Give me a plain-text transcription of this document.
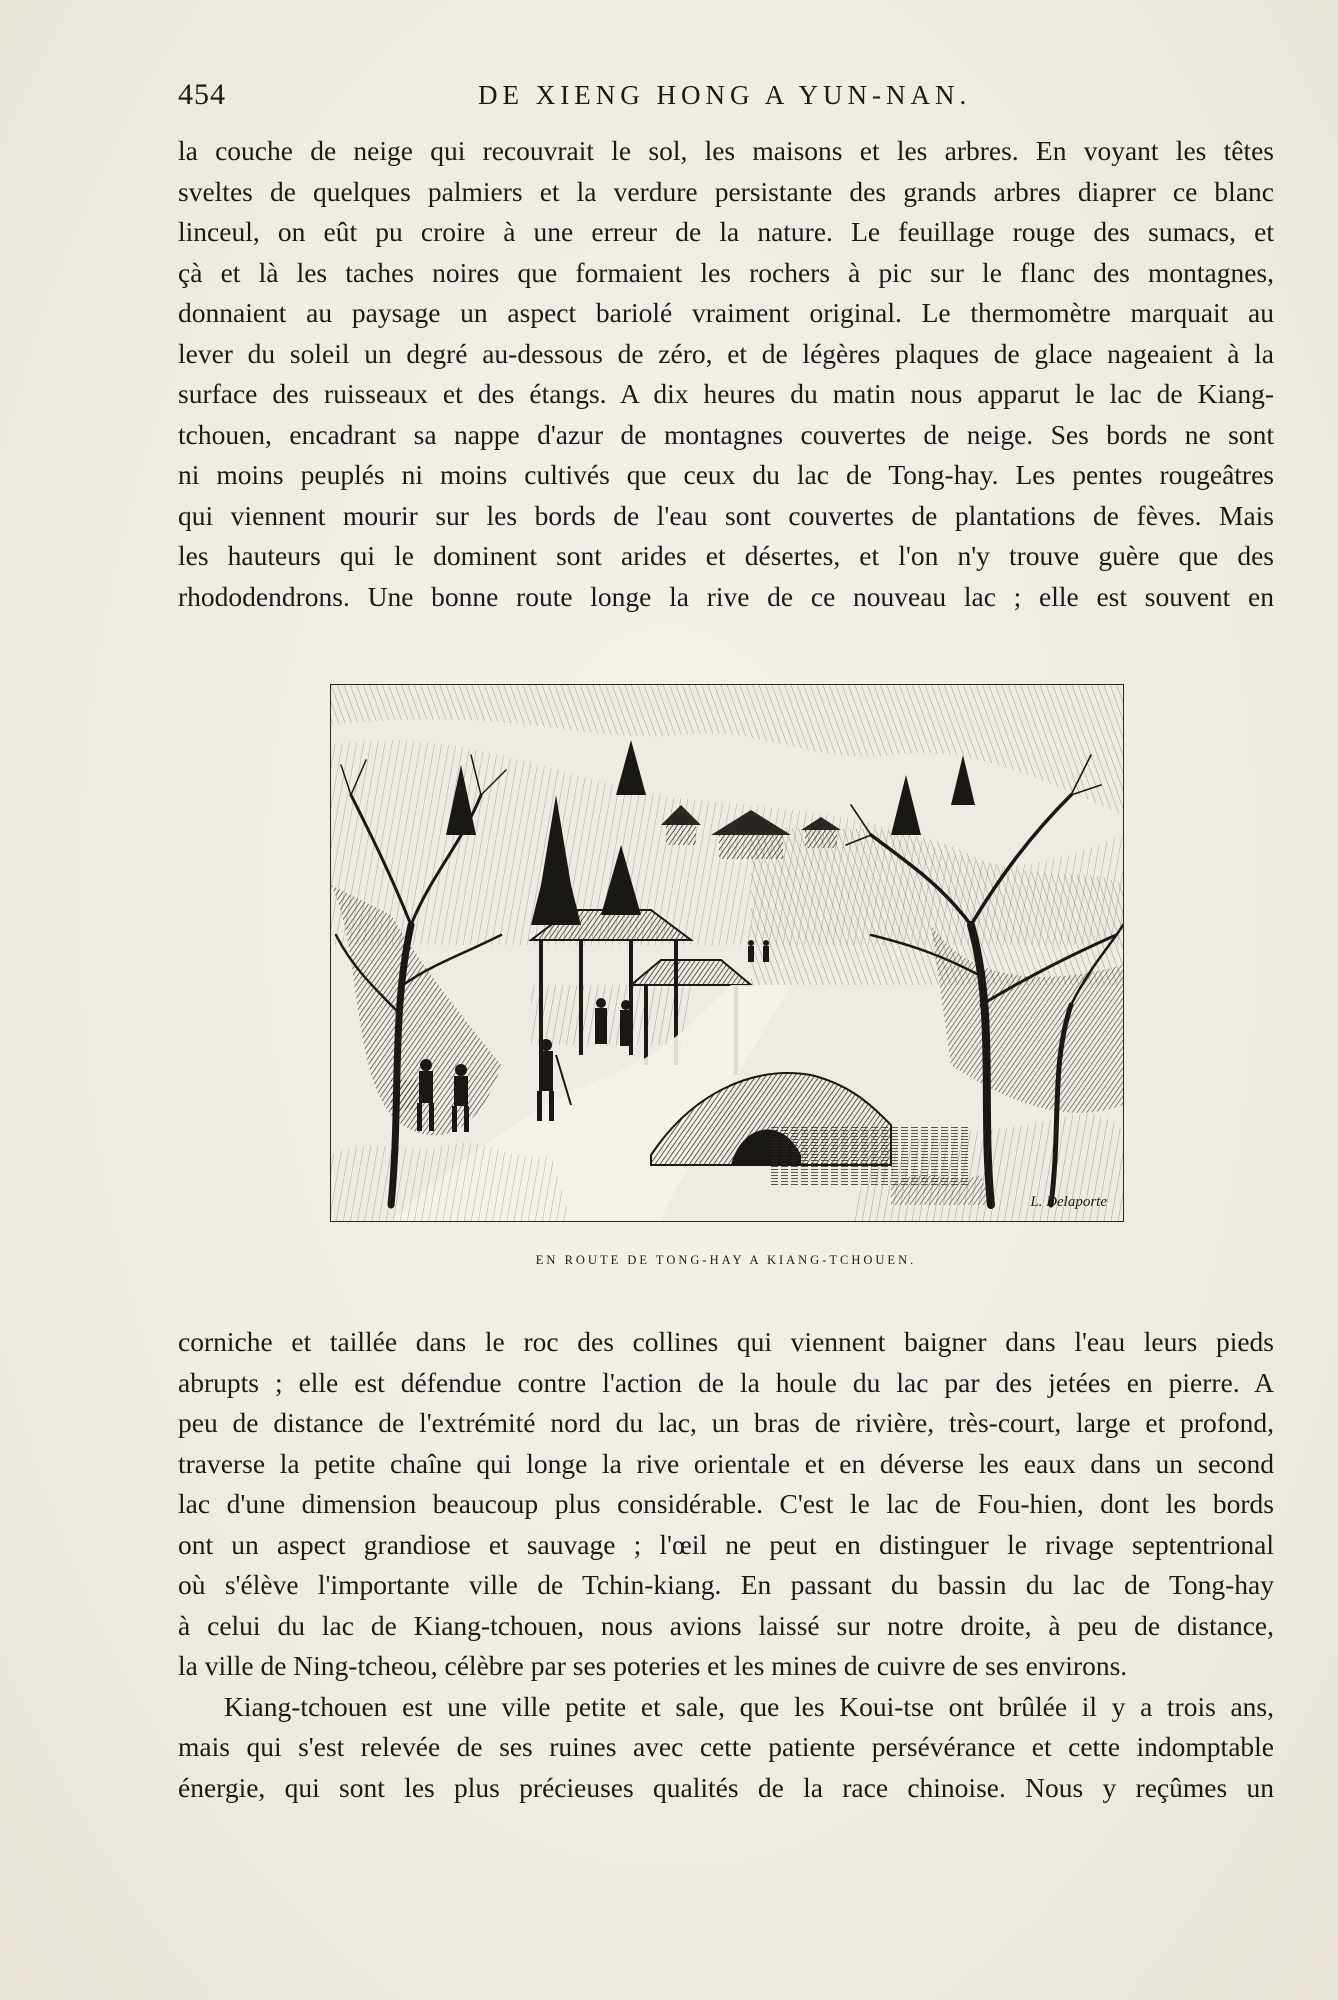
454	DE XIENG HONG A YUN-NAN.
la couche de neige qui recouvrait le sol, les maisons et les arbres. En voyant les têtes
sveltes de quelques palmiers et la verdure persistante des grands arbres diaprer ce blanc
linceul, on eût pu croire à une erreur de la nature. Le feuillage rouge des sumacs, et
çà et là les taches noires que formaient les rochers à pic sur le flanc des montagnes,
donnaient au paysage un aspect bariolé vraiment original. Le thermomètre marquait au
lever du soleil un degré au-dessous de zéro, et de légères plaques de glace nageaient à la
surface des ruisseaux et des étangs. A dix heures du matin nous apparut le lac de Kiang-
tchouen, encadrant sa nappe d'azur de montagnes couvertes de neige. Ses bords ne sont
ni moins peuplés ni moins cultivés que ceux du lac de Tong-hay. Les pentes rougeâtres
qui viennent mourir sur les bords de l'eau sont couvertes de plantations de fèves. Mais
les hauteurs qui le dominent sont arides et désertes, et l'on n'y trouve guère que des
rhododendrons. Une bonne route longe la rive de ce nouveau lac ; elle est souvent en
L. Delaporte
EN ROUTE DE TONG-HAY A KIANG-TCHOUEN.
corniche et taillée dans le roc des collines qui viennent baigner dans l'eau leurs pieds
abrupts ; elle est défendue contre l'action de la houle du lac par des jetées en pierre. A
peu de distance de l'extrémité nord du lac, un bras de rivière, très-court, large et profond,
traverse la petite chaîne qui longe la rive orientale et en déverse les eaux dans un second
lac d'une dimension beaucoup plus considérable. C'est le lac de Fou-hien, dont les bords
ont un aspect grandiose et sauvage ; l'œil ne peut en distinguer le rivage septentrional
où s'élève l'importante ville de Tchin-kiang. En passant du bassin du lac de Tong-hay
à celui du lac de Kiang-tchouen, nous avions laissé sur notre droite, à peu de distance,
la ville de Ning-tcheou, célèbre par ses poteries et les mines de cuivre de ses environs.
Kiang-tchouen est une ville petite et sale, que les Koui-tse ont brûlée il y a trois ans,
mais qui s'est relevée de ses ruines avec cette patiente persévérance et cette indomptable
énergie, qui sont les plus précieuses qualités de la race chinoise. Nous y reçûmes un
